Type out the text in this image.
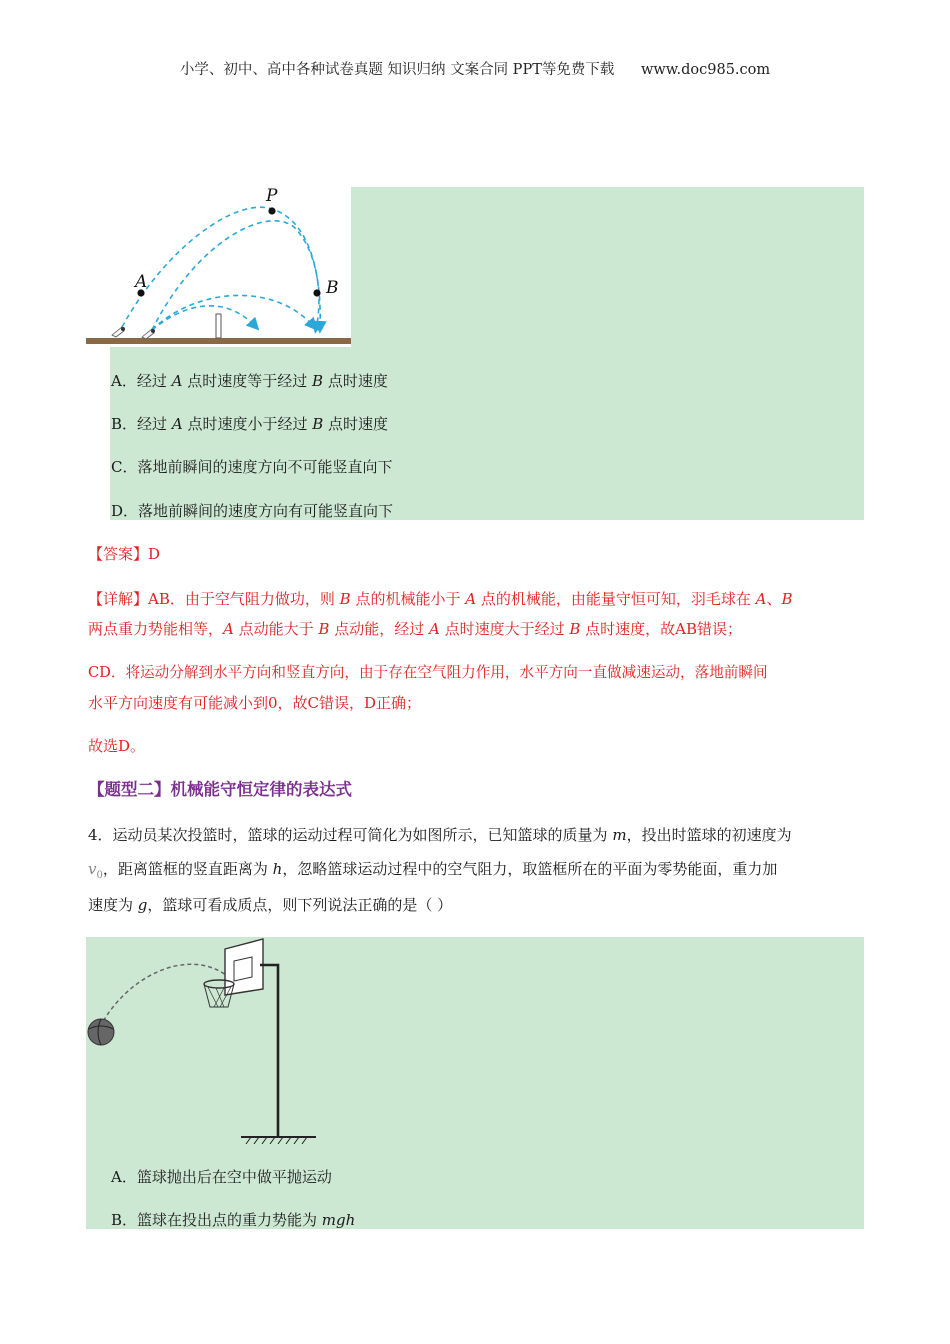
小学、初中、高中各种试卷真题 知识归纳 文案合同 PPT等免费下载 www.doc985.com
P
A	B
A．经过 A 点时速度等于经过 B 点时速度
B．经过 A 点时速度小于经过 B 点时速度
C．落地前瞬间的速度方向不可能竖直向下
D．落地前瞬间的速度方向有可能竖直向下
【答案】D
【详解】AB．由于空气阻力做功，则 B 点的机械能小于 A 点的机械能，由能量守恒可知，羽毛球在 A、B
两点重力势能相等，A 点动能大于 B 点动能，经过 A 点时速度大于经过 B 点时速度，故AB错误；
CD．将运动分解到水平方向和竖直方向，由于存在空气阻力作用，水平方向一直做减速运动，落地前瞬间
水平方向速度有可能减小到0，故C错误，D正确；
故选D。
【题型二】机械能守恒定律的表达式
4．运动员某次投篮时，篮球的运动过程可简化为如图所示，已知篮球的质量为 m，投出时篮球的初速度为
$v_0$，距离篮框的竖直距离为 h，忽略篮球运动过程中的空气阻力，取篮框所在的平面为零势能面，重力加
速度为 g，篮球可看成质点，则下列说法正确的是（ ）
A．篮球抛出后在空中做平抛运动
B．篮球在投出点的重力势能为 mgh
